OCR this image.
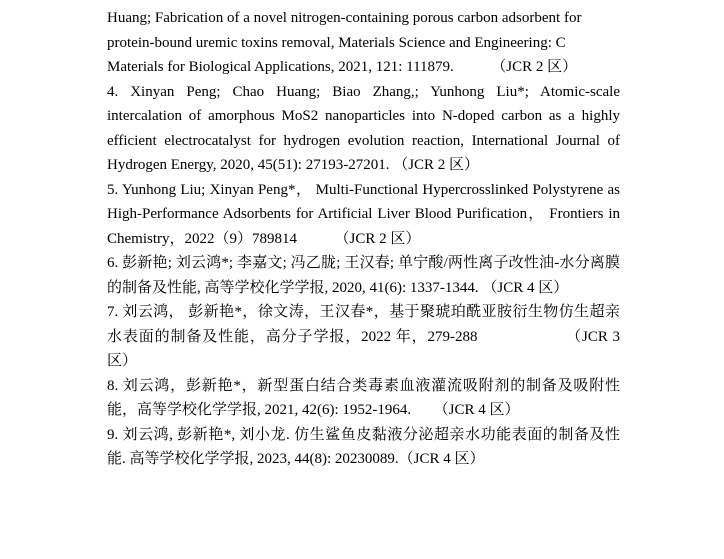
Huang; Fabrication of a novel nitrogen-containing porous carbon adsorbent for protein-bound uremic toxins removal, Materials Science and Engineering: C Materials for Biological Applications, 2021, 121: 111879.　　　（JCR 2 区）

4. Xinyan Peng; Chao Huang; Biao Zhang,; Yunhong Liu*; Atomic-scale intercalation of amorphous MoS2 nanoparticles into N-doped carbon as a highly efficient electrocatalyst for hydrogen evolution reaction, International Journal of Hydrogen Energy, 2020, 45(51): 27193-27201. （JCR 2 区）

5. Yunhong Liu; Xinyan Peng*， Multi-Functional Hypercrosslinked Polystyrene as High-Performance Adsorbents for Artificial Liver Blood Purification， Frontiers in Chemistry，2022（9）789814　　　（JCR 2 区）

6. 彭新艳; 刘云鸿*; 李嘉文; 冯乙胧; 王汉春; 单宁酸/两性离子改性油-水分离膜的制备及性能, 高等学校化学学报, 2020, 41(6): 1337-1344. （JCR 4 区）

7. 刘云鸿， 彭新艳*，徐文涛，王汉春*，基于聚琥珀酰亚胺衍生物仿生超亲水表面的制备及性能，高分子学报，2022 年，279-288　　　　　　（JCR 3 区）

8. 刘云鸿，彭新艳*，新型蛋白结合类毒素血液灌流吸附剂的制备及吸附性能，高等学校化学学报, 2021, 42(6): 1952-1964.　　（JCR 4 区）

9. 刘云鸿, 彭新艳*, 刘小龙. 仿生鲨鱼皮黏液分泌超亲水功能表面的制备及性能. 高等学校化学学报, 2023, 44(8): 20230089.（JCR 4 区）
